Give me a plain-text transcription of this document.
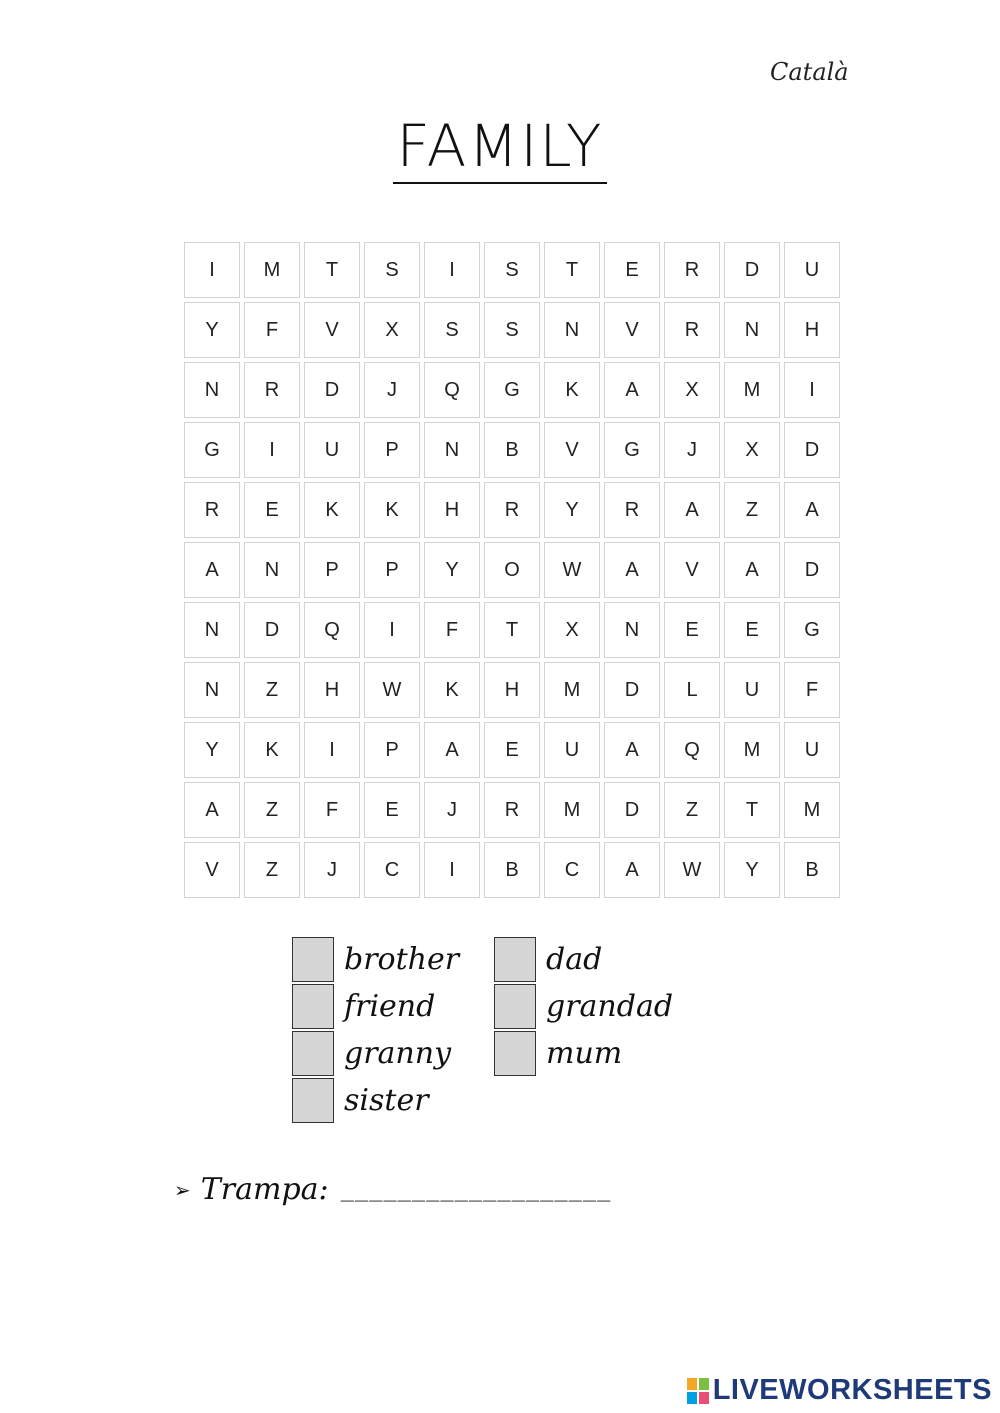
Català
FAMILY
I	M	T	S	I	S	T	E	R	D	U
Y	F	V	X	S	S	N	V	R	N	H
N	R	D	J	Q	G	K	A	X	M	I
G	I	U	P	N	B	V	G	J	X	D
R	E	K	K	H	R	Y	R	A	Z	A
A	N	P	P	Y	O	W	A	V	A	D
N	D	Q	I	F	T	X	N	E	E	G
N	Z	H	W	K	H	M	D	L	U	F
Y	K	I	P	A	E	U	A	Q	M	U
A	Z	F	E	J	R	M	D	Z	T	M
V	Z	J	C	I	B	C	A	W	Y	B
brother	dad
friend	grandad
granny	mum
sister
➢ Trampa: ___________________
LIVEWORKSHEETS
